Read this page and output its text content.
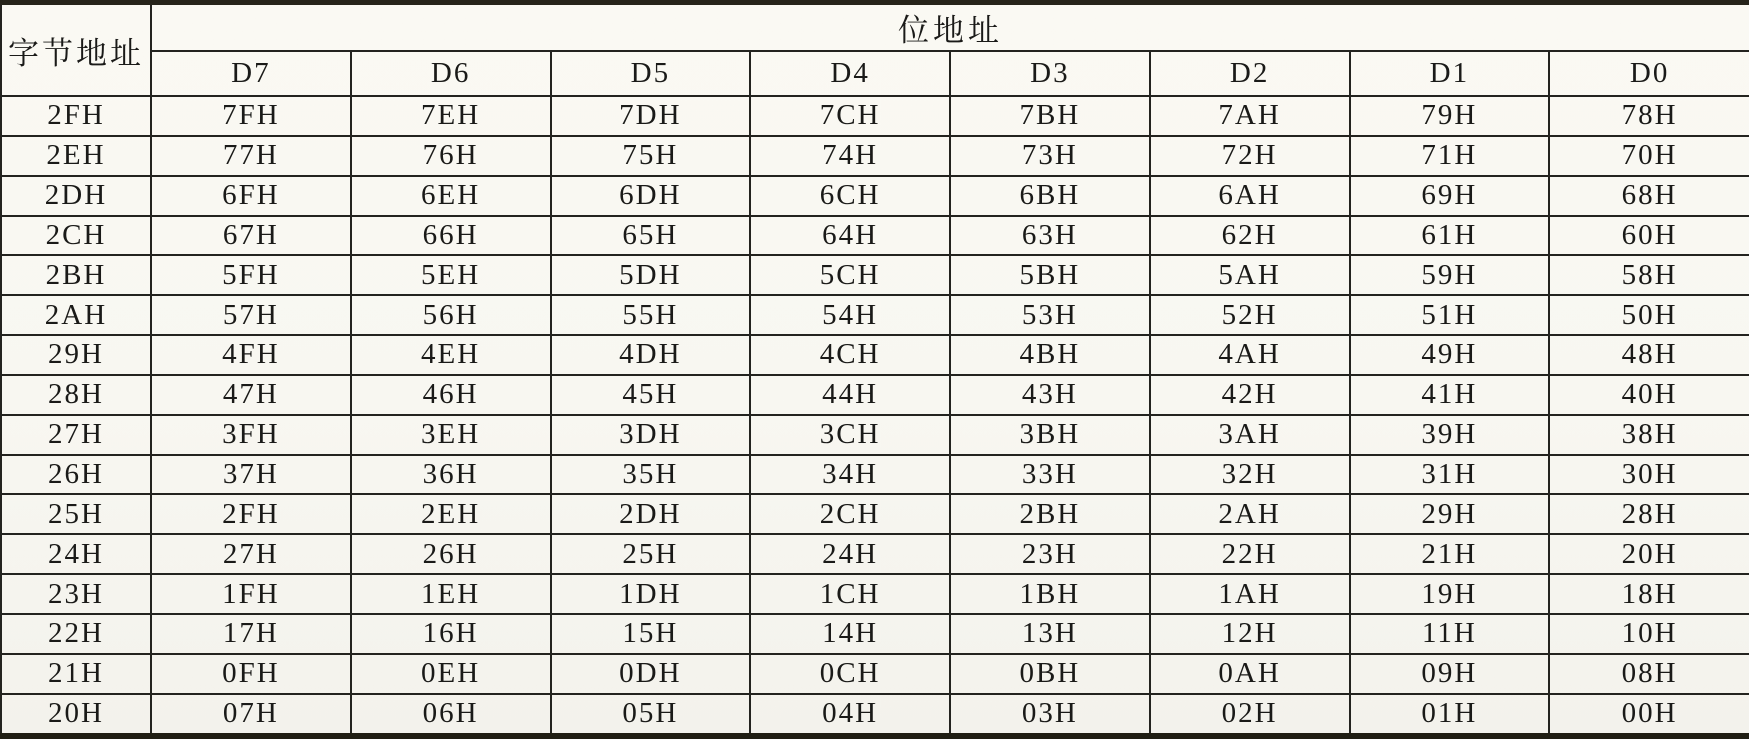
字节地址	位地址							
	D7	D6	D5	D4	D3	D2	D1	D0
2FH	7FH	7EH	7DH	7CH	7BH	7AH	79H	78H
2EH	77H	76H	75H	74H	73H	72H	71H	70H
2DH	6FH	6EH	6DH	6CH	6BH	6AH	69H	68H
2CH	67H	66H	65H	64H	63H	62H	61H	60H
2BH	5FH	5EH	5DH	5CH	5BH	5AH	59H	58H
2AH	57H	56H	55H	54H	53H	52H	51H	50H
29H	4FH	4EH	4DH	4CH	4BH	4AH	49H	48H
28H	47H	46H	45H	44H	43H	42H	41H	40H
27H	3FH	3EH	3DH	3CH	3BH	3AH	39H	38H
26H	37H	36H	35H	34H	33H	32H	31H	30H
25H	2FH	2EH	2DH	2CH	2BH	2AH	29H	28H
24H	27H	26H	25H	24H	23H	22H	21H	20H
23H	1FH	1EH	1DH	1CH	1BH	1AH	19H	18H
22H	17H	16H	15H	14H	13H	12H	11H	10H
21H	0FH	0EH	0DH	0CH	0BH	0AH	09H	08H
20H	07H	06H	05H	04H	03H	02H	01H	00H
